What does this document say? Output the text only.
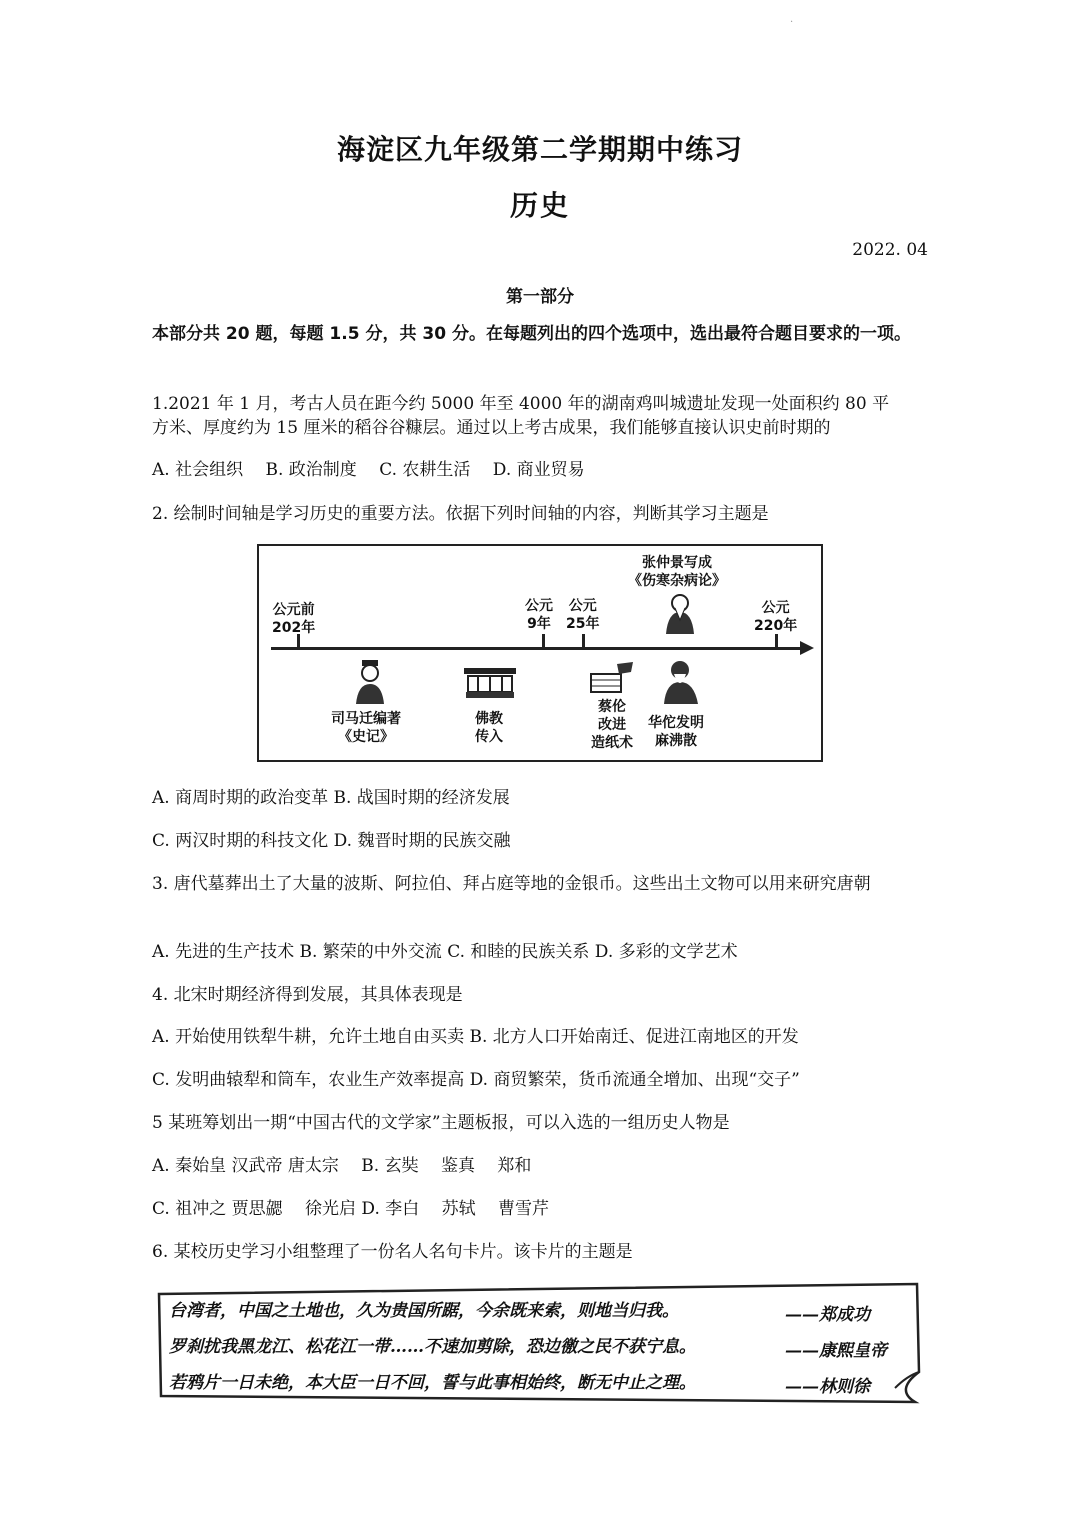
.
海淀区九年级第二学期期中练习
历史
2022. 04
第一部分
本部分共 20 题，每题 1.5 分，共 30 分。在每题列出的四个选项中，选出最符合题目要求的一项。
1.2021 年 1 月，考古人员在距今约 5000 年至 4000 年的湖南鸡叫城遗址发现一处面积约 80 平
方米、厚度约为 15 厘米的稻谷谷糠层。通过以上考古成果，我们能够直接认识史前时期的
A. 社会组织　 B. 政治制度　 C. 农耕生活　 D. 商业贸易
2. 绘制时间轴是学习历史的重要方法。依据下列时间轴的内容，判断其学习主题是
公元前
202年
公元
9年
公元
25年
公元
220年
张仲景写成
《伤寒杂病论》
司马迁编著
《史记》
佛教
传入
蔡伦
改进
造纸术
华佗发明
麻沸散
A. 商周时期的政治变革 B. 战国时期的经济发展
C. 两汉时期的科技文化 D. 魏晋时期的民族交融
3. 唐代墓葬出土了大量的波斯、阿拉伯、拜占庭等地的金银币。这些出土文物可以用来研究唐朝
A. 先进的生产技术 B. 繁荣的中外交流 C. 和睦的民族关系 D. 多彩的文学艺术
4. 北宋时期经济得到发展，其具体表现是
A. 开始使用铁犁牛耕，允许土地自由买卖 B. 北方人口开始南迁、促进江南地区的开发
C. 发明曲辕犁和筒车，农业生产效率提高 D. 商贸繁荣，货币流通全增加、出现“交子”
5 某班筹划出一期“中国古代的文学家”主题板报，可以入选的一组历史人物是
A. 秦始皇 汉武帝 唐太宗　 B. 玄奘　 鉴真　 郑和
C. 祖冲之 贾思勰　 徐光启 D. 李白　 苏轼　 曹雪芹
6. 某校历史学习小组整理了一份名人名句卡片。该卡片的主题是
台湾者，中国之土地也，久为贵国所踞，今余既来索，则地当归我。	——郑成功
罗刹扰我黑龙江、松花江一带……不速加剪除，恐边徼之民不获宁息。	——康熙皇帝
若鸦片一日未绝，本大臣一日不回，誓与此事相始终，断无中止之理。	——林则徐
